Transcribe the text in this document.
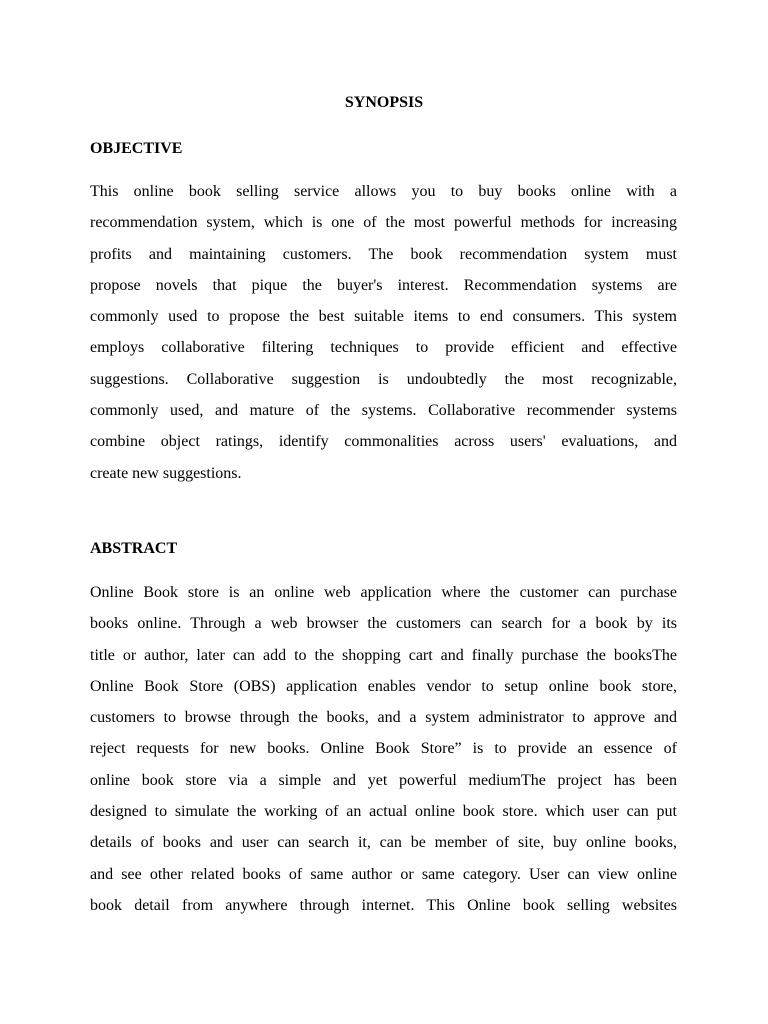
SYNOPSIS
OBJECTIVE
This online book selling service allows you to buy books online with a
recommendation system, which is one of the most powerful methods for increasing
profits and maintaining customers. The book recommendation system must
propose novels that pique the buyer's interest. Recommendation systems are
commonly used to propose the best suitable items to end consumers. This system
employs collaborative filtering techniques to provide efficient and effective
suggestions. Collaborative suggestion is undoubtedly the most recognizable,
commonly used, and mature of the systems. Collaborative recommender systems
combine object ratings, identify commonalities across users' evaluations, and
create new suggestions.
ABSTRACT
Online Book store is an online web application where the customer can purchase
books online. Through a web browser the customers can search for a book by its
title or author, later can add to the shopping cart and finally purchase the booksThe
Online Book Store (OBS) application enables vendor to setup online book store,
customers to browse through the books, and a system administrator to approve and
reject requests for new books. Online Book Store” is to provide an essence of
online book store via a simple and yet powerful mediumThe project has been
designed to simulate the working of an actual online book store. which user can put
details of books and user can search it, can be member of site, buy online books,
and see other related books of same author or same category. User can view online
book detail from anywhere through internet. This Online book selling websites
